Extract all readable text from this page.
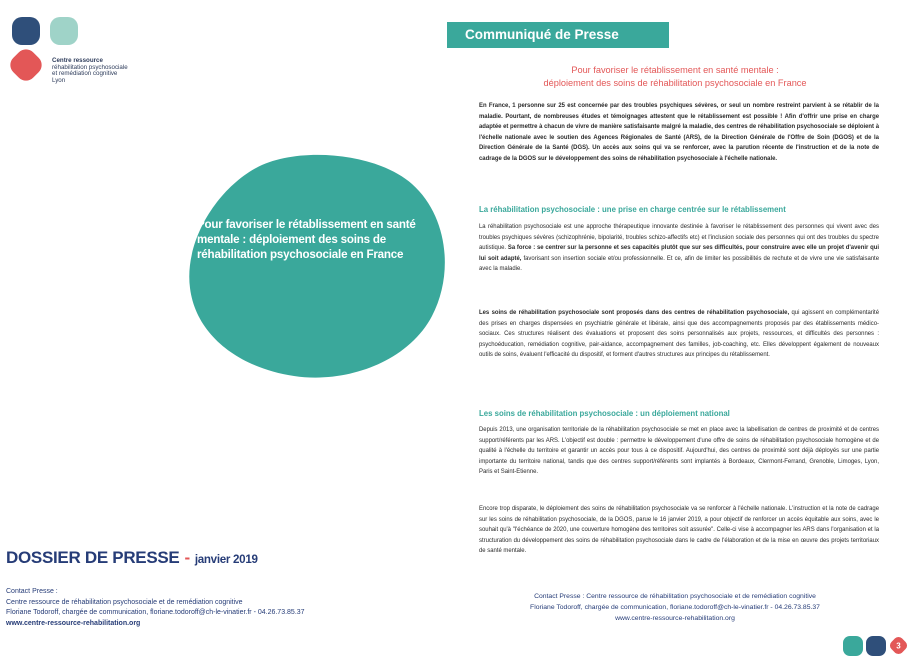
Centre ressource
réhabilitation psychosociale
et remédiation cognitive
Lyon
Pour favoriser le rétablissement en santé mentale : déploiement des soins de réhabilitation psychosociale en France
DOSSIER DE PRESSE - janvier 2019
Contact Presse :
Centre ressource de réhabilitation psychosociale et de remédiation cognitive
Floriane Todoroff, chargée de communication, floriane.todoroff@ch-le-vinatier.fr - 04.26.73.85.37
www.centre-ressource-rehabilitation.org
Communiqué de Presse
Pour favoriser le rétablissement en santé mentale :
déploiement des soins de réhabilitation psychosociale en France
En France, 1 personne sur 25 est concernée par des troubles psychiques sévères, or seul un nombre restreint parvient à se rétablir de la maladie. Pourtant, de nombreuses études et témoignages attestent que le rétablissement est possible ! Afin d'offrir une prise en charge adaptée et permettre à chacun de vivre de manière satisfaisante malgré la maladie, des centres de réhabilitation psychosociale se déploient à l'échelle nationale avec le soutien des Agences Régionales de Santé (ARS), de la Direction Générale de l'Offre de Soin (DGOS) et de la Direction Générale de la Santé (DGS). Un accès aux soins qui va se renforcer, avec la parution récente de l'instruction et de la note de cadrage de la DGOS sur le développement des soins de réhabilitation psychosociale à l'échelle nationale.
La réhabilitation psychosociale : une prise en charge centrée sur le rétablissement
La réhabilitation psychosociale est une approche thérapeutique innovante destinée à favoriser le rétablissement des personnes qui vivent avec des troubles psychiques sévères (schizophrénie, bipolarité, troubles schizo-affectifs etc) et l'inclusion sociale des personnes qui ont des troubles du spectre autistique. Sa force : se centrer sur la personne et ses capacités plutôt que sur ses difficultés, pour construire avec elle un projet d'avenir qui lui soit adapté, favorisant son insertion sociale et/ou professionnelle. Et ce, afin de limiter les possibilités de rechute et de vivre une vie satisfaisante avec la maladie.
Les soins de réhabilitation psychosociale sont proposés dans des centres de réhabilitation psychosociale, qui agissent en complémentarité des prises en charges dispensées en psychiatrie générale et libérale, ainsi que des accompagnements proposés par des établissements médico-sociaux. Ces structures réalisent des évaluations et proposent des soins personnalisés aux projets, ressources, et difficultés des personnes : psychoéducation, remédiation cognitive, pair-aidance, accompagnement des familles, job-coaching, etc. Elles développent également de nouveaux outils de soins, évaluent l'efficacité du dispositif, et forment d'autres structures aux principes du rétablissement.
Les soins de réhabilitation psychosociale : un déploiement national
Depuis 2013, une organisation territoriale de la réhabilitation psychosociale se met en place avec la labellisation de centres de proximité et de centres support/référents par les ARS. L'objectif est double : permettre le développement d'une offre de soins de réhabilitation psychosociale homogène et de qualité à l'échelle du territoire et garantir un accès pour tous à ce dispositif. Aujourd'hui, des centres de proximité sont déjà déployés sur une partie importante du territoire national, tandis que des centres support/référents sont implantés à Bordeaux, Clermont-Ferrand, Grenoble, Limoges, Lyon, Paris et Saint-Etienne.
Encore trop disparate, le déploiement des soins de réhabilitation psychosociale va se renforcer à l'échelle nationale. L'instruction et la note de cadrage sur les soins de réhabilitation psychosociale, de la DGOS, parue le 16 janvier 2019, a pour objectif de renforcer un accès équitable aux soins, avec le souhait qu'à "l'échéance de 2020, une couverture homogène des territoires soit assurée". Celle-ci vise à accompagner les ARS dans l'organisation et la structuration du développement des soins de réhabilitation psychosociale dans le cadre de l'élaboration et de la mise en œuvre des projets territoriaux de santé mentale.
Contact Presse : Centre ressource de réhabilitation psychosociale et de remédiation cognitive
Floriane Todoroff, chargée de communication, floriane.todoroff@ch-le-vinatier.fr - 04.26.73.85.37
www.centre-ressource-rehabilitation.org
3
